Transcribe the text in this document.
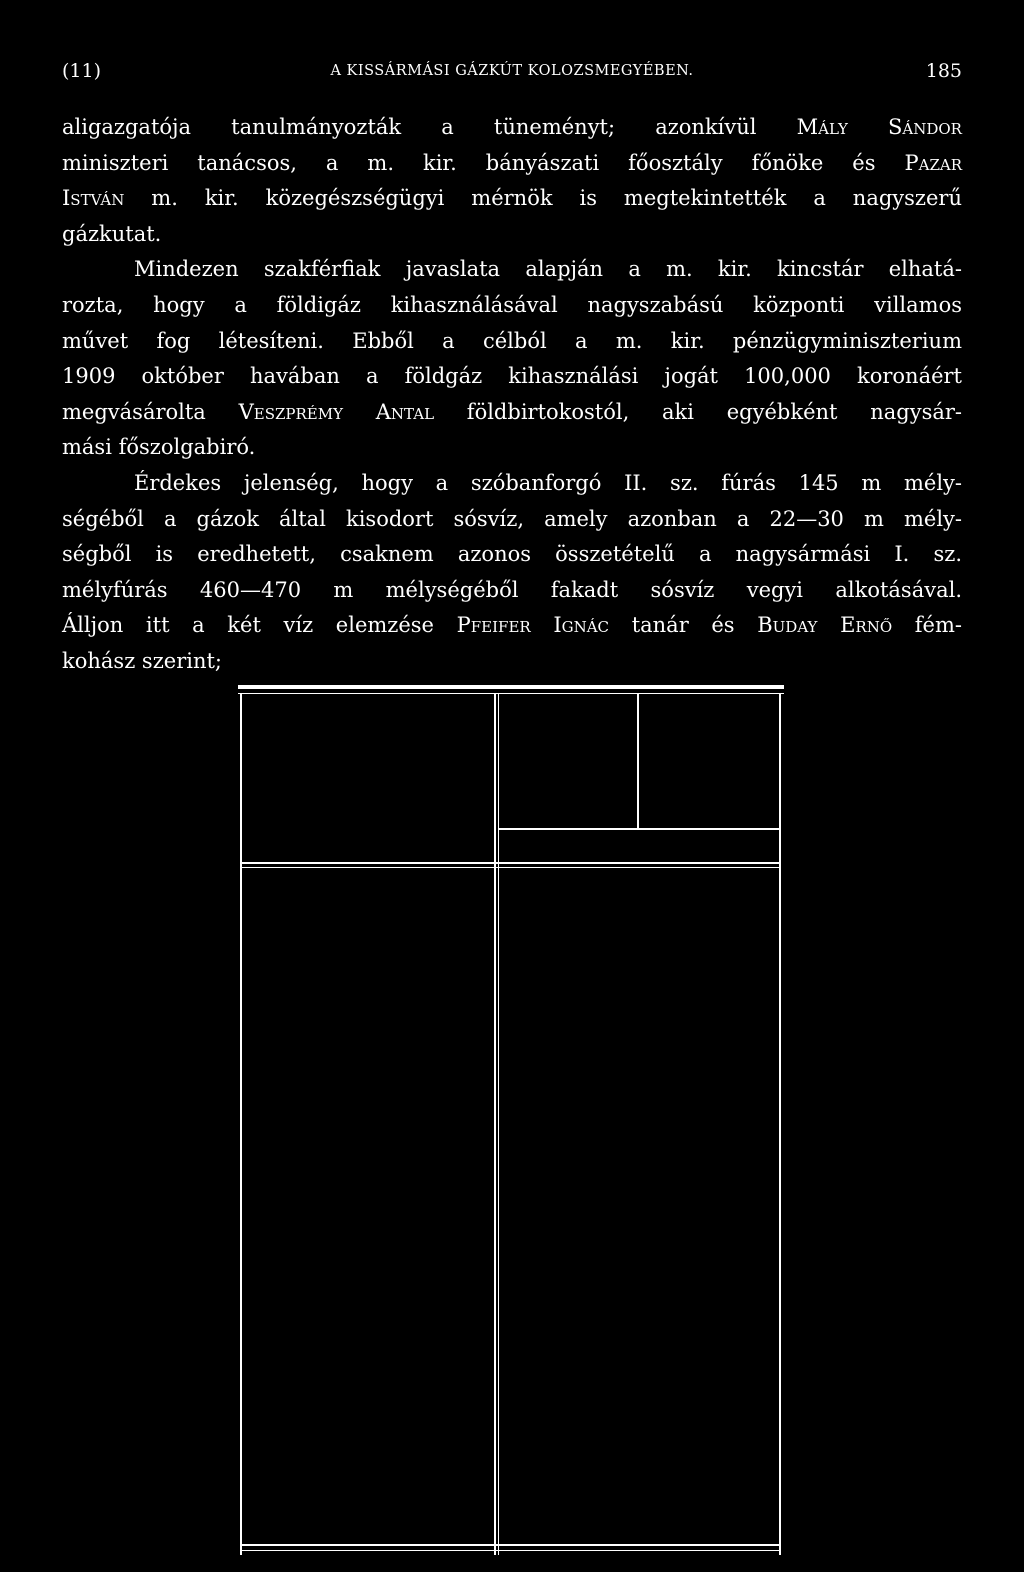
(11)	A KISSÁRMÁSI GÁZKÚT KOLOZSMEGYÉBEN.	185
aligazgatója tanulmányozták a tüneményt; azonkívül Mály Sándor
miniszteri tanácsos, a m. kir. bányászati főosztály főnöke és Pazar
István m. kir. közegészségügyi mérnök is megtekintették a nagyszerű
gázkutat.
Mindezen szakférfiak javaslata alapján a m. kir. kincstár elhatá-
rozta, hogy a földigáz kihasználásával nagyszabású központi villamos
művet fog létesíteni. Ebből a célból a m. kir. pénzügyminiszterium
1909 október havában a földgáz kihasználási jogát 100,000 koronáért
megvásárolta Veszprémy Antal földbirtokostól, aki egyébként nagysár-
mási főszolgabiró.
Érdekes jelenség, hogy a szóbanforgó II. sz. fúrás 145 m mély-
ségéből a gázok által kisodort sósvíz, amely azonban a 22—30 m mély-
ségből is eredhetett, csaknem azonos összetételű a nagysármási I. sz.
mélyfúrás 460—470 m mélységéből fakadt sósvíz vegyi alkotásával.
Álljon itt a két víz elemzése Pfeifer Ignác tanár és Buday Ernő fém-
kohász szerint;
